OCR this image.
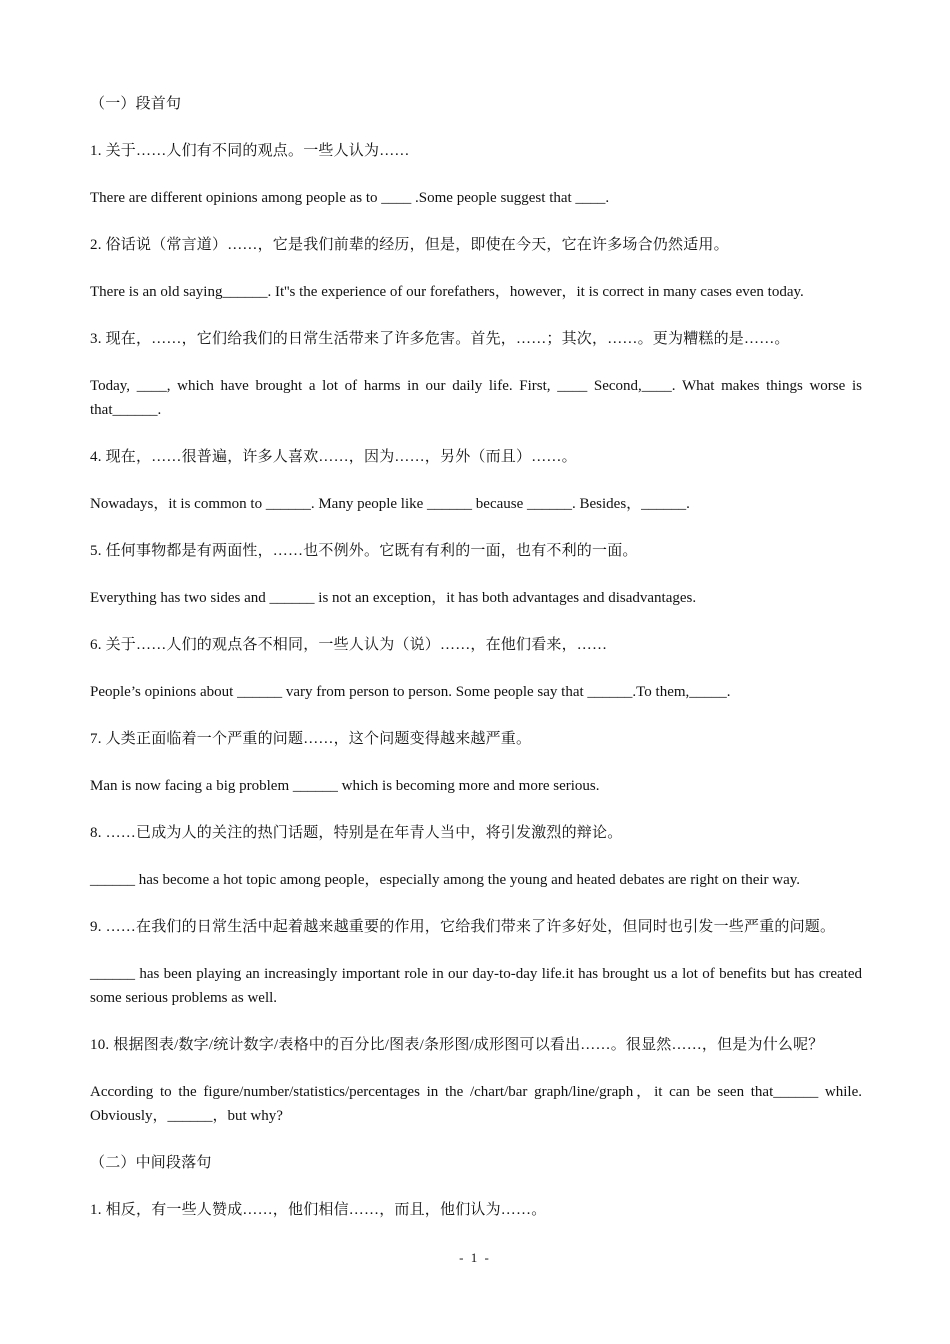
（一）段首句

1. 关于……人们有不同的观点。一些人认为……

There are different opinions among people as to ____ .Some people suggest that ____.

2. 俗话说（常言道）……，它是我们前辈的经历，但是，即使在今天，它在许多场合仍然适用。

There is an old saying______. It''s the experience of our forefathers，however，it is correct in many cases even today.

3. 现在，……，它们给我们的日常生活带来了许多危害。首先，……；其次，……。更为糟糕的是……。

Today, ____, which have brought a lot of harms in our daily life. First, ____ Second,____. What makes things worse is that______.

4. 现在，……很普遍，许多人喜欢……，因为……，另外（而且）……。

Nowadays，it is common to ______. Many people like ______ because ______. Besides，______.

5. 任何事物都是有两面性，……也不例外。它既有有利的一面，也有不利的一面。

Everything has two sides and ______ is not an exception，it has both advantages and disadvantages.

6. 关于……人们的观点各不相同，一些人认为（说）……，在他们看来，……

People’s opinions about ______ vary from person to person. Some people say that ______.To them,_____.

7. 人类正面临着一个严重的问题……，这个问题变得越来越严重。

Man is now facing a big problem ______ which is becoming more and more serious.

8. ……已成为人的关注的热门话题，特别是在年青人当中，将引发激烈的辩论。

______ has become a hot topic among people，especially among the young and heated debates are right on their way.

9. ……在我们的日常生活中起着越来越重要的作用，它给我们带来了许多好处，但同时也引发一些严重的问题。

______ has been playing an increasingly important role in our day-to-day life.it has brought us a lot of benefits but has created some serious problems as well.

10. 根据图表/数字/统计数字/表格中的百分比/图表/条形图/成形图可以看出……。很显然……，但是为什么呢？

According to the figure/number/statistics/percentages in the /chart/bar graph/line/graph，it can be seen that______ while. Obviously，______，but why?

（二）中间段落句

1. 相反，有一些人赞成……，他们相信……，而且，他们认为……。

- 1 -
